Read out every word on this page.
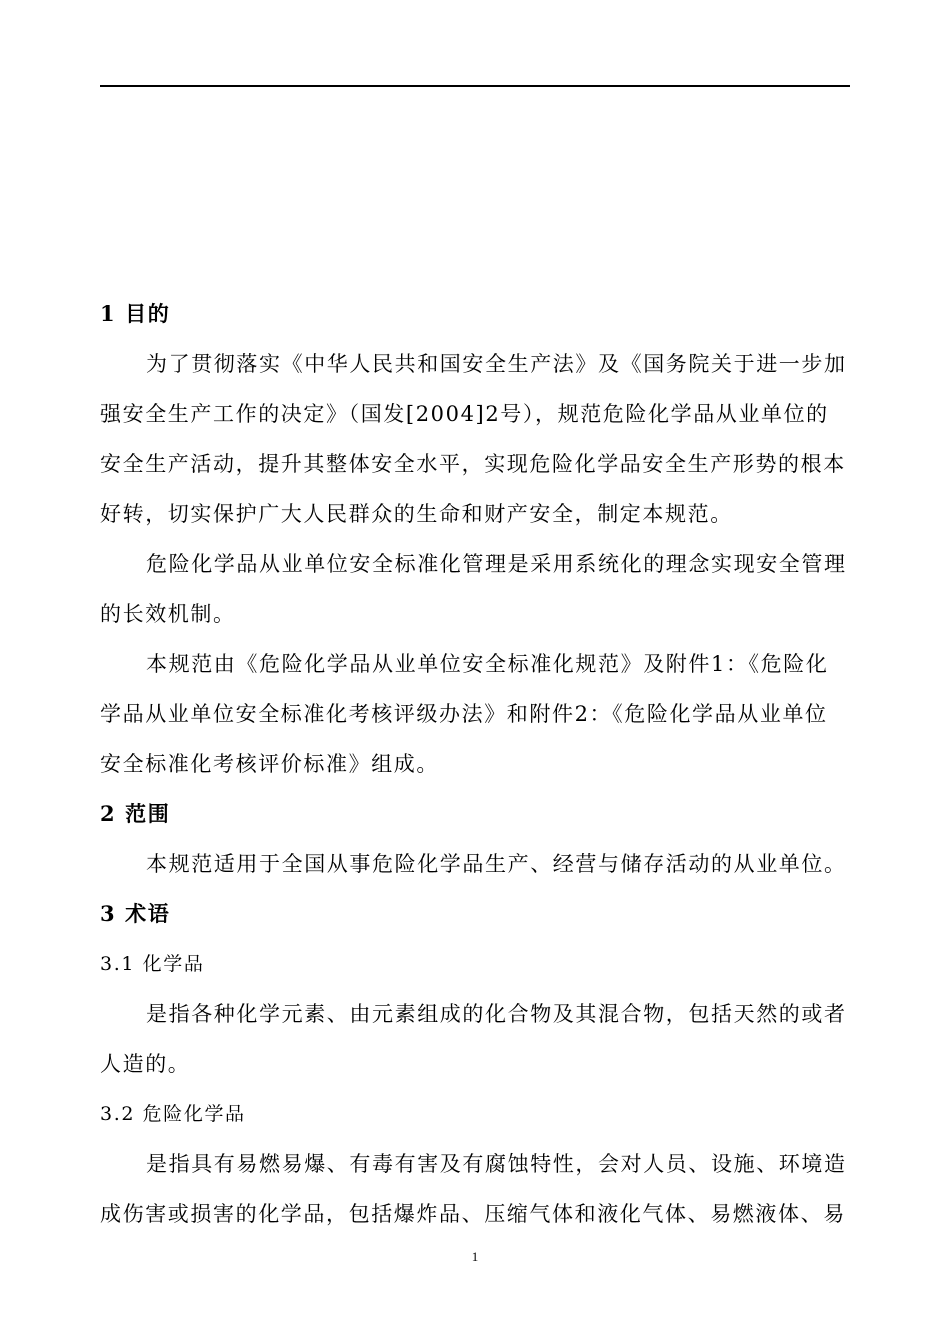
1 目的
为了贯彻落实《中华人民共和国安全生产法》及《国务院关于进一步加
强安全生产工作的决定》（国发[2004]2号），规范危险化学品从业单位的
安全生产活动，提升其整体安全水平，实现危险化学品安全生产形势的根本
好转，切实保护广大人民群众的生命和财产安全，制定本规范。
危险化学品从业单位安全标准化管理是采用系统化的理念实现安全管理
的长效机制。
本规范由《危险化学品从业单位安全标准化规范》及附件1：《危险化
学品从业单位安全标准化考核评级办法》和附件2：《危险化学品从业单位
安全标准化考核评价标准》组成。
2 范围
本规范适用于全国从事危险化学品生产、经营与储存活动的从业单位。
3 术语
3.1 化学品
是指各种化学元素、由元素组成的化合物及其混合物，包括天然的或者
人造的。
3.2 危险化学品
是指具有易燃易爆、有毒有害及有腐蚀特性，会对人员、设施、环境造
成伤害或损害的化学品，包括爆炸品、压缩气体和液化气体、易燃液体、易
1
